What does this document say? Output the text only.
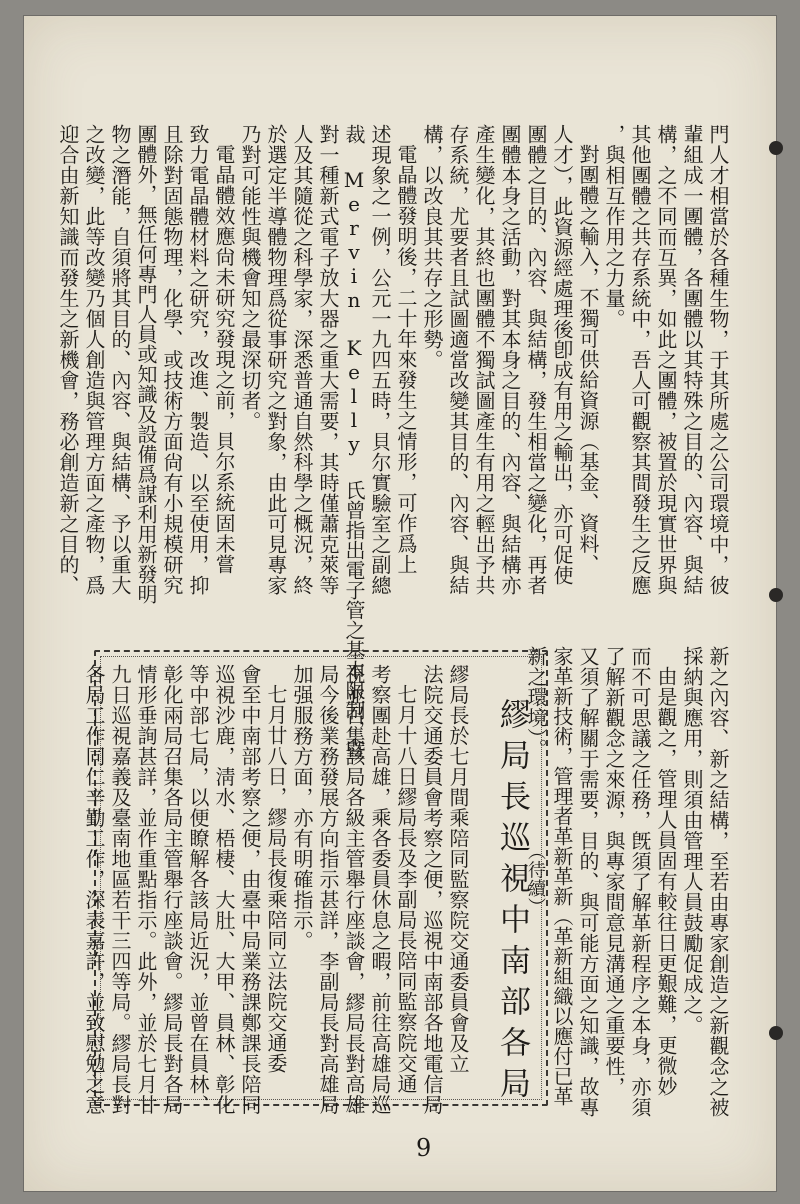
門人才相當於各種生物，于其所處之公司環境中，彼
輩組成一團體，各團體以其特殊之目的、內容、與結
構，之不同而互異，如此之團體，被置於現實世界與
其他團體之共存系統中，吾人可觀察其間發生之反應
，與相互作用之力量。
對團體之輸入，不獨可供給資源（基金、資料、
人才），此資源經處理後卽成有用之輸出，亦可促使
團體之目的、內容、與結構，發生相當之變化，再者
團體本身之活動，對其本身之目的、內容、與結構亦
產生變化，其終也團體不獨試圖產生有用之輕出予共
存系統，尤要者且試圖適當改變其目的、內容、與結
構，以改良其共存之形勢。
電晶體發明後，二十年來發生之情形，可作爲上
述現象之一例，公元一九四五時，貝尔實驗室之副總
裁 Mervin Kelly 氏曾指出電子管之基本限制，暨
對一種新式電子放大器之重大需要，其時僅蕭克萊等
人及其隨從之科學家，深悉普通自然科學之概況，終
於選定半導體物理爲從事研究之對象，由此可見專家
乃對可能性與機會知之最深切者。
電晶體效應尙未研究發現之前，貝尔系統固未嘗
致力電晶體材料之研究，改進、製造、以至使用，抑
且除對固態物理，化學、或技術方面尙有小規模研究
團體外，無任何專門人員或知識及設備爲謀利用新發明
物之潛能，自須將其目的、內容、與結構、予以重大
之改變，此等改變乃個人創造與管理方面之產物，爲
迎合由新知識而發生之新機會，務必創造新之目的、
新之內容、新之結構，至若由專家創造之新觀念之被
採納與應用，則須由管理人員鼓勵促成之。
由是觀之，管理人員固有較往日更艱難，更微妙
而不可思議之任務，旣須了解革新程序之本身，亦須
了解新觀念之來源，與專家間意見溝通之重要性，
又須了解關于需要，目的、與可能方面之知識，故專
家革新技術，管理者革新革新（革新組織以應付已革
新之環境）。
（待續）
繆局長巡視中南部各局
繆局長於七月間乘陪同監察院交通委員會及立
法院交通委員會考察之便，巡視中南部各地電信局
七月十八日繆局長及李副局長陪同監察院交通
考察團赴高雄，乘各委員休息之暇，前往高雄局巡
視並召集該局各級主管舉行座談會，繆局長對高雄
局今後業務發展方向指示甚詳，李副局長對高雄局
加强服務方面，亦有明確指示。
七月廿八日，繆局長復乘陪同立法院交通委
會至中南部考察之便，由臺中局業務課鄭課長陪同
巡視沙鹿，淸水、梧棲、大肚、大甲、員林、彰化
等中部七局，以便瞭解各該局近況，並曾在員林、
彰化兩局召集各局主管舉行座談會。繆局長對各局
情形垂詢甚詳，並作重點指示。此外，並於七月廿
九日巡視嘉義及臺南地區若干三四等局。繆局長對
各局工作同仁辛勤工作，深表嘉許，並致慰勉之意
9
